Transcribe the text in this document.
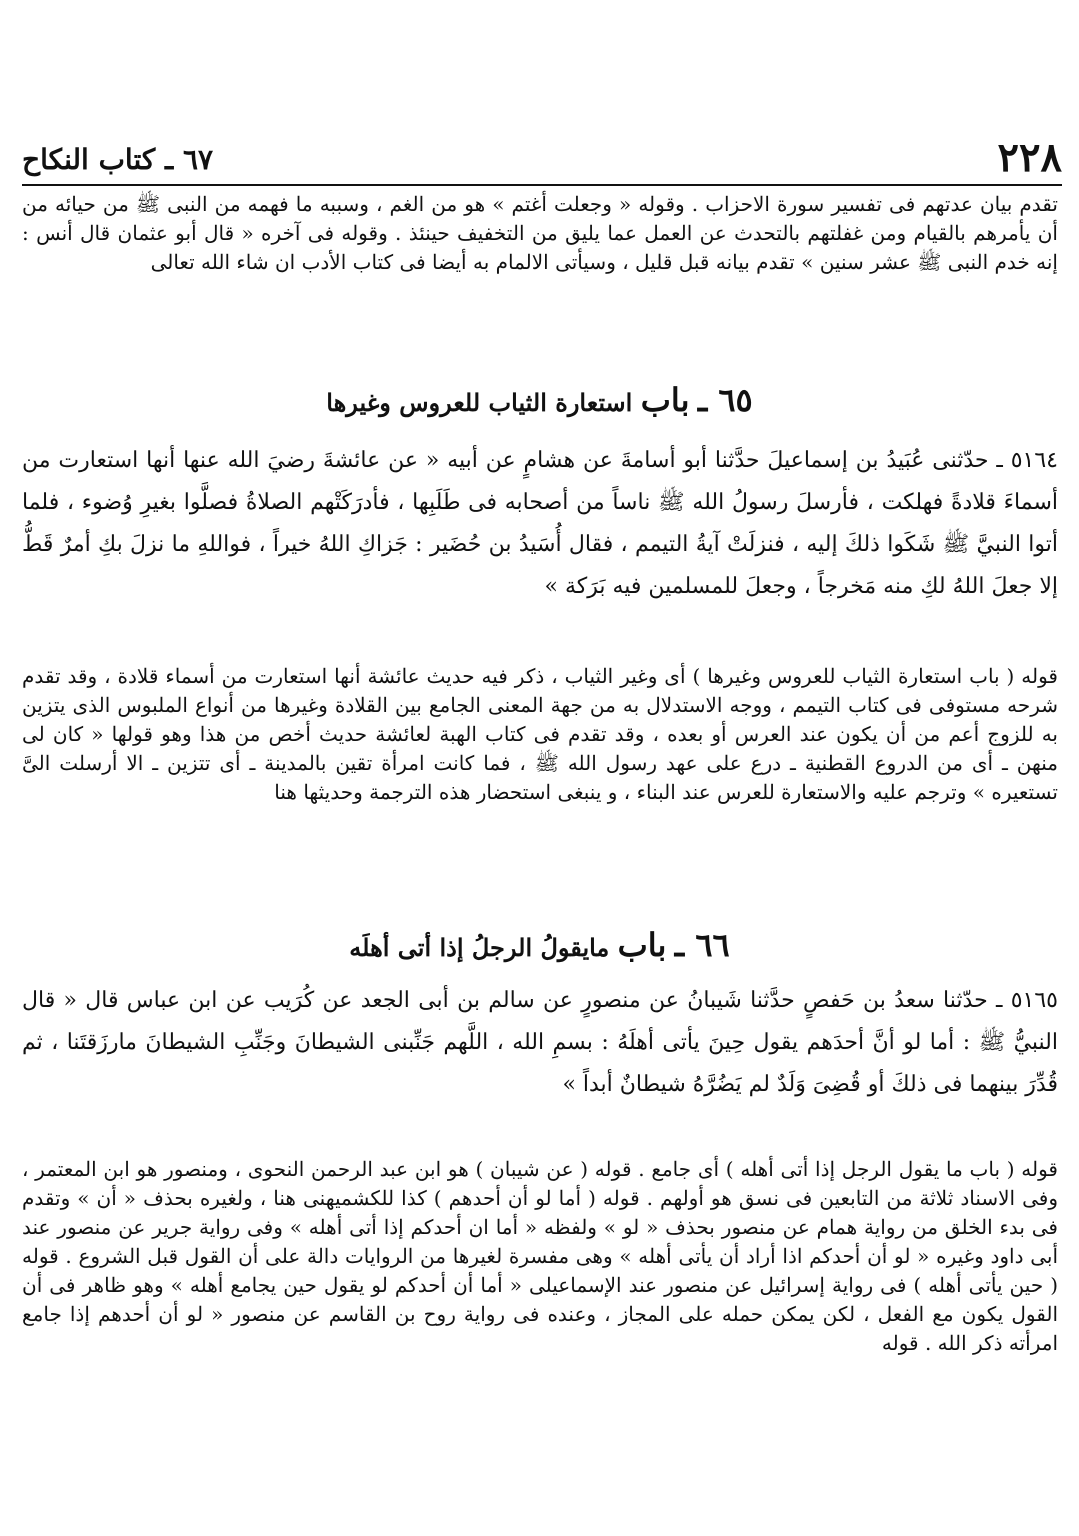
٢٢٨
٦٧ ـ كتاب النكاح

تقدم بيان عدتهم فى تفسير سورة الاحزاب . وقوله « وجعلت أغتم » هو من الغم ، وسببه ما فهمه من النبى ﷺ من حيائه من أن يأمرهم بالقيام ومن غفلتهم بالتحدث عن العمل عما يليق من التخفيف حينئذ . وقوله فى آخره « قال أبو عثمان قال أنس : إنه خدم النبى ﷺ عشر سنين » تقدم بيانه قبل قليل ، وسيأتى الالمام به أيضا فى كتاب الأدب ان شاء الله تعالى

٦٥ ـ باب استعارة الثياب للعروس وغيرها

٥١٦٤ ـ حدّثنى عُبَيدُ بن إسماعيلَ حدَّثنا أبو أسامةَ عن هشامٍ عن أبيه « عن عائشةَ رضيَ الله عنها أنها استعارت من أسماءَ قلادةً فهلكت ، فأرسلَ رسولُ الله ﷺ ناساً من أصحابه فى طَلَبِها ، فأدرَكَتْهم الصلاةُ فصلَّوا بغيرِ وُضوء ، فلما أتوا النبيَّ ﷺ شَكَوا ذلكَ إليه ، فنزلَتْ آيةُ التيمم ، فقال أُسَيدُ بن حُضَير : جَزاكِ اللهُ خيراً ، فواللهِ ما نزلَ بكِ أمرٌ قَطُّ إلا جعلَ اللهُ لكِ منه مَخرجاً ، وجعلَ للمسلمين فيه بَرَكة »

قوله ( باب استعارة الثياب للعروس وغيرها ) أى وغير الثياب ، ذكر فيه حديث عائشة أنها استعارت من أسماء قلادة ، وقد تقدم شرحه مستوفى فى كتاب التيمم ، ووجه الاستدلال به من جهة المعنى الجامع بين القلادة وغيرها من أنواع الملبوس الذى يتزين به للزوج أعم من أن يكون عند العرس أو بعده ، وقد تقدم فى كتاب الهبة لعائشة حديث أخص من هذا وهو قولها « كان لى منهن ـ أى من الدروع القطنية ـ درع على عهد رسول الله ﷺ ، فما كانت امرأة تقين بالمدينة ـ أى تتزين ـ الا أرسلت الىَّ تستعيره » وترجم عليه والاستعارة للعرس عند البناء ، و ينبغى استحضار هذه الترجمة وحديثها هنا

٦٦ ـ باب مايقولُ الرجلُ إذا أتى أهلَه

٥١٦٥ ـ حدّثنا سعدُ بن حَفصٍ حدَّثنا شَيبانُ عن منصورٍ عن سالم بن أبى الجعد عن كُرَيب عن ابن عباس قال « قال النبيُّ ﷺ : أما لو أنَّ أحدَهم يقول حِينَ يأتى أهلَهُ : بسمِ الله ، اللَّهم جَنِّبنى الشيطانَ وجَنِّبِ الشيطانَ مارزَقتَنا ، ثم قُدِّرَ بينهما فى ذلكَ أو قُضِىَ وَلَدٌ لم يَضُرَّهُ شيطانٌ أبداً »

قوله ( باب ما يقول الرجل إذا أتى أهله ) أى جامع . قوله ( عن شيبان ) هو ابن عبد الرحمن النحوى ، ومنصور هو ابن المعتمر ، وفى الاسناد ثلاثة من التابعين فى نسق هو أولهم . قوله ( أما لو أن أحدهم ) كذا للكشميهنى هنا ، ولغيره بحذف « أن » وتقدم فى بدء الخلق من رواية همام عن منصور بحذف « لو » ولفظه « أما ان أحدكم إذا أتى أهله » وفى رواية جرير عن منصور عند أبى داود وغيره « لو أن أحدكم اذا أراد أن يأتى أهله » وهى مفسرة لغيرها من الروايات دالة على أن القول قبل الشروع . قوله ( حين يأتى أهله ) فى رواية إسرائيل عن منصور عند الإسماعيلى « أما أن أحدكم لو يقول حين يجامع أهله » وهو ظاهر فى أن القول يكون مع الفعل ، لكن يمكن حمله على المجاز ، وعنده فى رواية روح بن القاسم عن منصور « لو أن أحدهم إذا جامع امرأته ذكر الله . قوله
